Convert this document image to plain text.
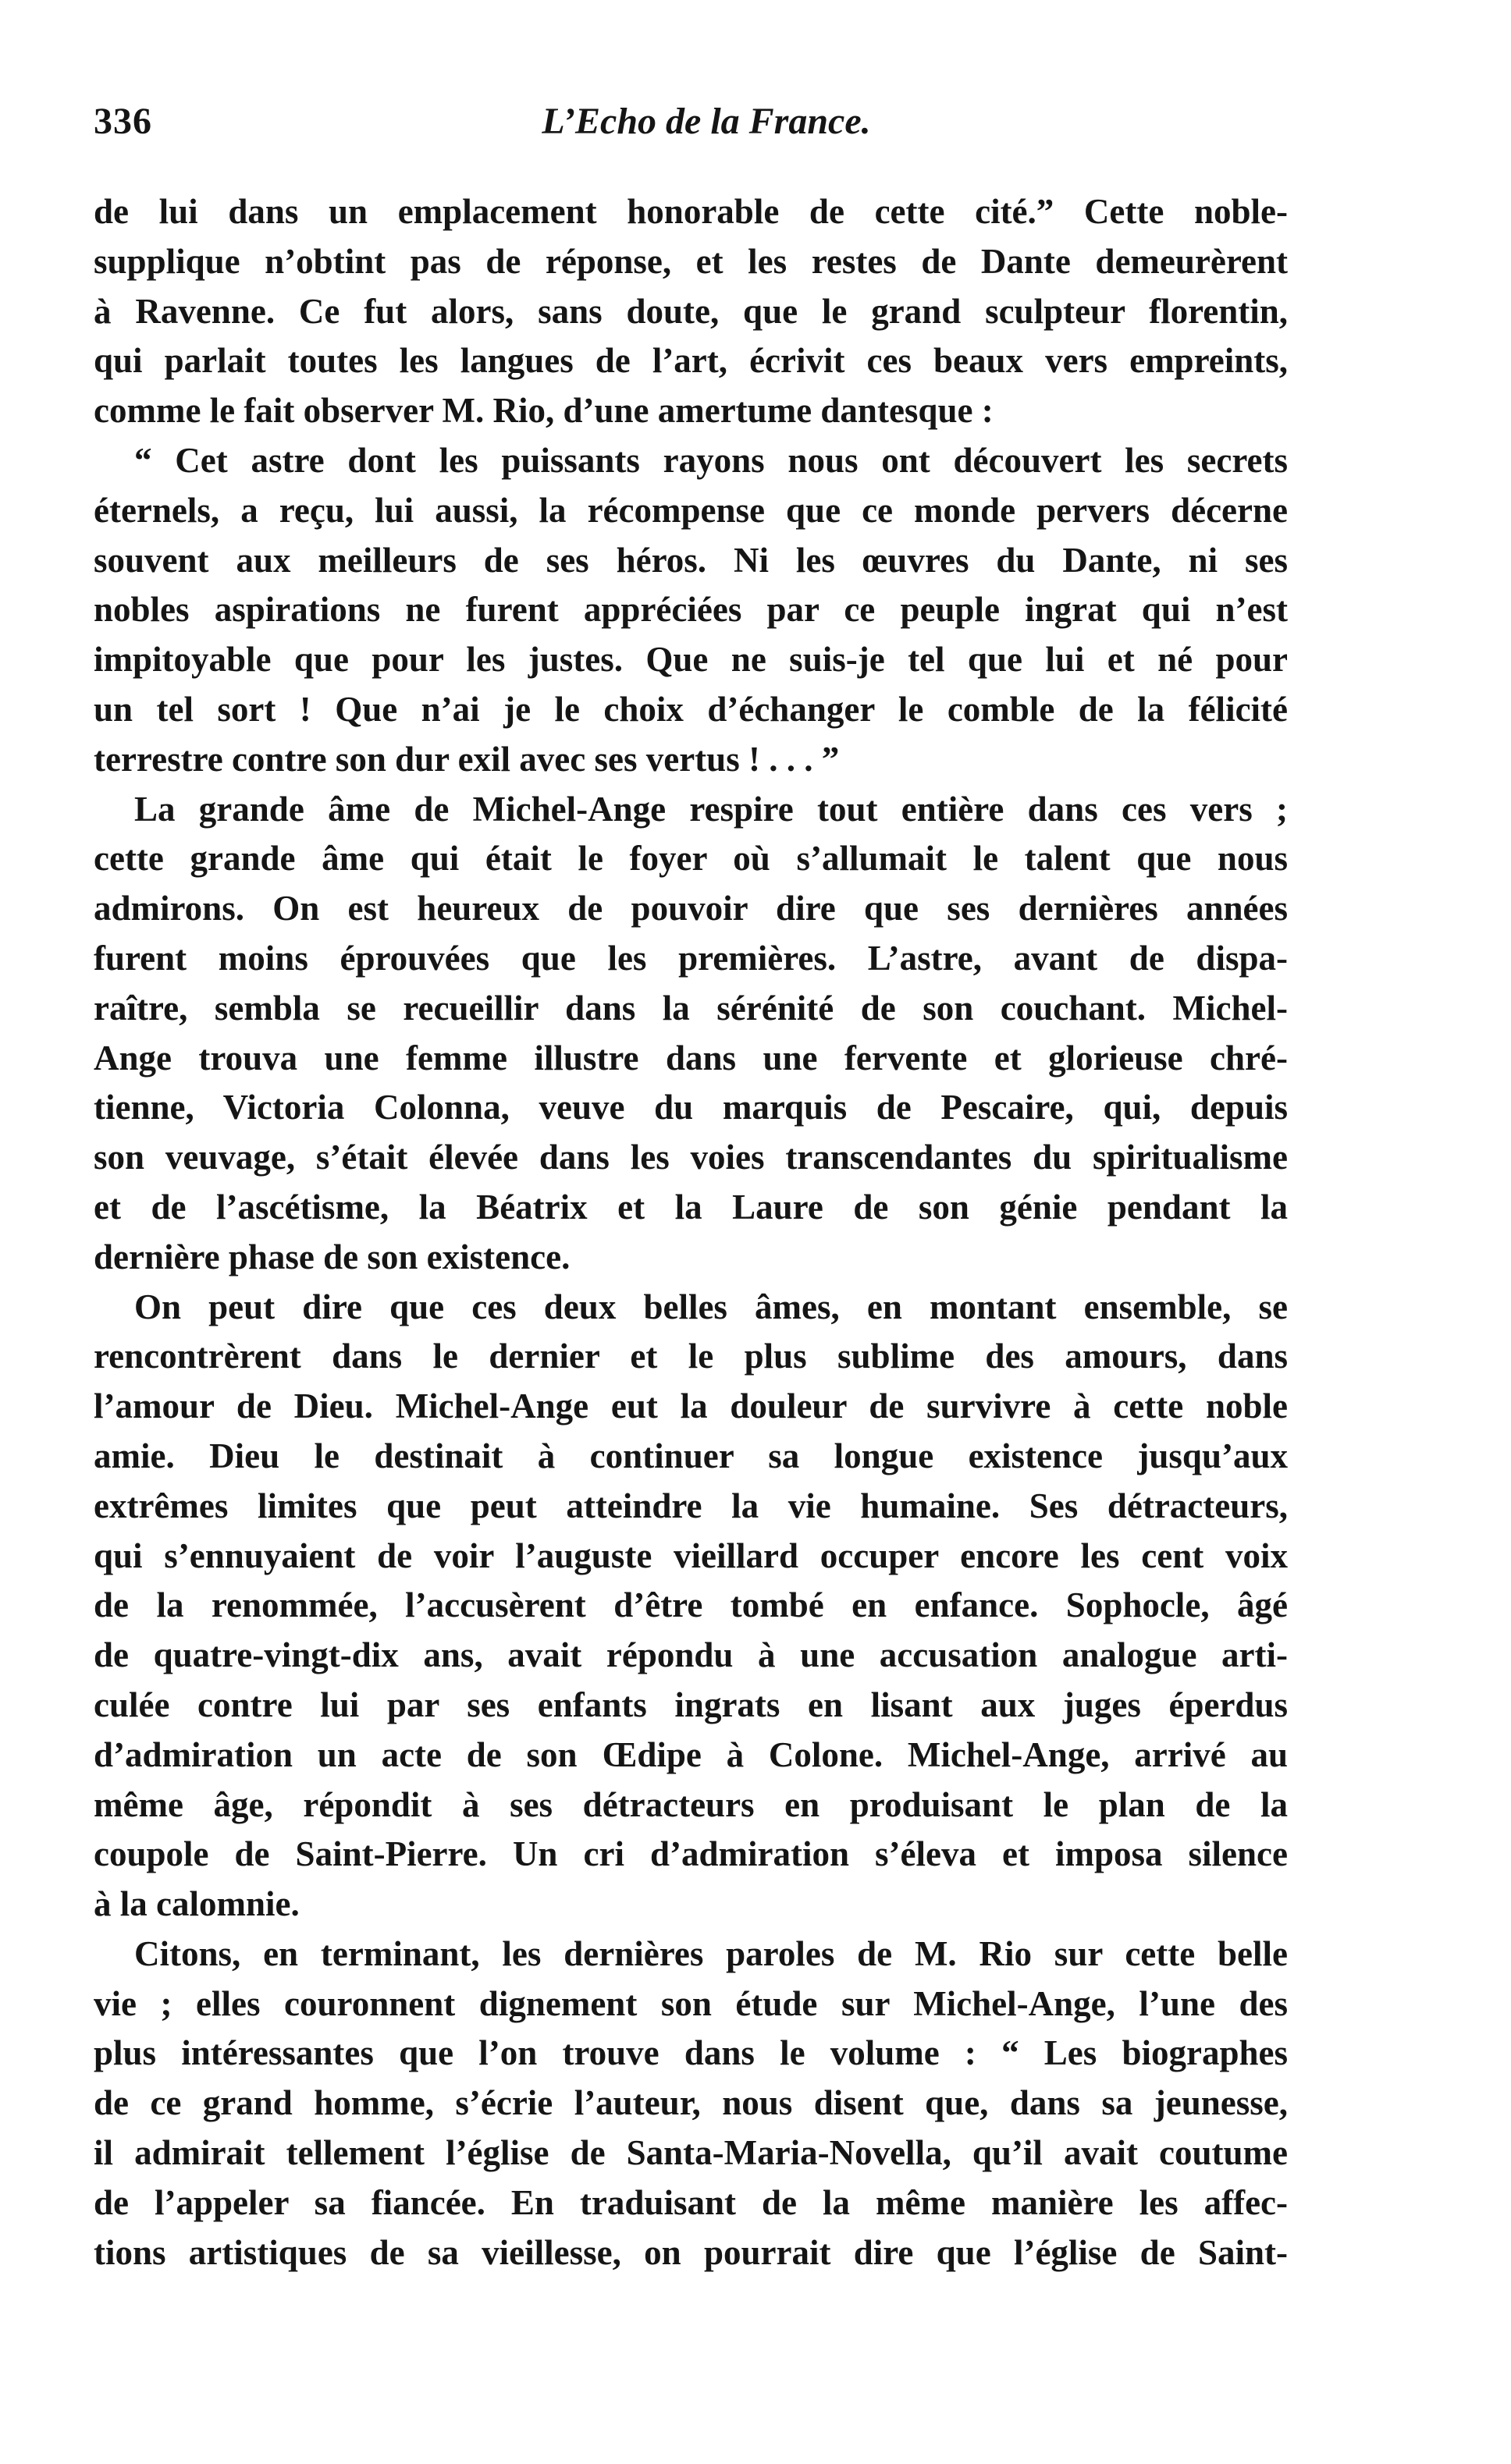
336	L’Echo de la France.
de lui dans un emplacement honorable de cette cité.” Cette noble-
supplique n’obtint pas de réponse, et les restes de Dante demeurèrent
à Ravenne. Ce fut alors, sans doute, que le grand sculpteur florentin,
qui parlait toutes les langues de l’art, écrivit ces beaux vers empreints,
comme le fait observer M. Rio, d’une amertume dantesque :
“ Cet astre dont les puissants rayons nous ont découvert les secrets
éternels, a reçu, lui aussi, la récompense que ce monde pervers décerne
souvent aux meilleurs de ses héros. Ni les œuvres du Dante, ni ses
nobles aspirations ne furent appréciées par ce peuple ingrat qui n’est
impitoyable que pour les justes. Que ne suis-je tel que lui et né pour
un tel sort ! Que n’ai je le choix d’échanger le comble de la félicité
terrestre contre son dur exil avec ses vertus ! . . . ”
La grande âme de Michel-Ange respire tout entière dans ces vers ;
cette grande âme qui était le foyer où s’allumait le talent que nous
admirons. On est heureux de pouvoir dire que ses dernières années
furent moins éprouvées que les premières. L’astre, avant de dispa-
raître, sembla se recueillir dans la sérénité de son couchant. Michel-
Ange trouva une femme illustre dans une fervente et glorieuse chré-
tienne, Victoria Colonna, veuve du marquis de Pescaire, qui, depuis
son veuvage, s’était élevée dans les voies transcendantes du spiritualisme
et de l’ascétisme, la Béatrix et la Laure de son génie pendant la
dernière phase de son existence.
On peut dire que ces deux belles âmes, en montant ensemble, se
rencontrèrent dans le dernier et le plus sublime des amours, dans
l’amour de Dieu. Michel-Ange eut la douleur de survivre à cette noble
amie. Dieu le destinait à continuer sa longue existence jusqu’aux
extrêmes limites que peut atteindre la vie humaine. Ses détracteurs,
qui s’ennuyaient de voir l’auguste vieillard occuper encore les cent voix
de la renommée, l’accusèrent d’être tombé en enfance. Sophocle, âgé
de quatre-vingt-dix ans, avait répondu à une accusation analogue arti-
culée contre lui par ses enfants ingrats en lisant aux juges éperdus
d’admiration un acte de son Œdipe à Colone. Michel-Ange, arrivé au
même âge, répondit à ses détracteurs en produisant le plan de la
coupole de Saint-Pierre. Un cri d’admiration s’éleva et imposa silence
à la calomnie.
Citons, en terminant, les dernières paroles de M. Rio sur cette belle
vie ; elles couronnent dignement son étude sur Michel-Ange, l’une des
plus intéressantes que l’on trouve dans le volume : “ Les biographes
de ce grand homme, s’écrie l’auteur, nous disent que, dans sa jeunesse,
il admirait tellement l’église de Santa-Maria-Novella, qu’il avait coutume
de l’appeler sa fiancée. En traduisant de la même manière les affec-
tions artistiques de sa vieillesse, on pourrait dire que l’église de Saint-
